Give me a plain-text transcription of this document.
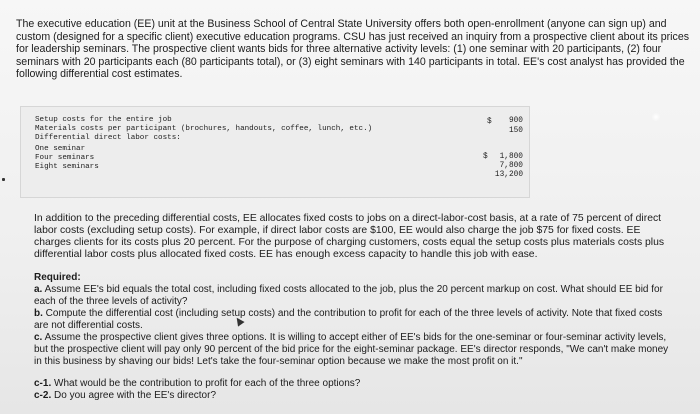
The executive education (EE) unit at the Business School of Central State University offers both open-enrollment (anyone can sign up) and custom (designed for a specific client) executive education programs. CSU has just received an inquiry from a prospective client about its prices for leadership seminars. The prospective client wants bids for three alternative activity levels: (1) one seminar with 20 participants, (2) four seminars with 20 participants each (80 participants total), or (3) eight seminars with 140 participants in total. EE's cost analyst has provided the following differential cost estimates.

Setup costs for the entire job
Materials costs per participant (brochures, handouts, coffee, lunch, etc.)
Differential direct labor costs:
One seminar
Four seminars
Eight seminars
$	900
150
$	1,800
7,800
13,200

In addition to the preceding differential costs, EE allocates fixed costs to jobs on a direct-labor-cost basis, at a rate of 75 percent of direct labor costs (excluding setup costs). For example, if direct labor costs are $100, EE would also charge the job $75 for fixed costs. EE charges clients for its costs plus 20 percent. For the purpose of charging customers, costs equal the setup costs plus materials costs plus differential labor costs plus allocated fixed costs. EE has enough excess capacity to handle this job with ease.

Required:
a. Assume EE's bid equals the total cost, including fixed costs allocated to the job, plus the 20 percent markup on cost. What should EE bid for each of the three levels of activity?
b. Compute the differential cost (including setup costs) and the contribution to profit for each of the three levels of activity. Note that fixed costs are not differential costs.
c. Assume the prospective client gives three options. It is willing to accept either of EE's bids for the one-seminar or four-seminar activity levels, but the prospective client will pay only 90 percent of the bid price for the eight-seminar package. EE's director responds, "We can't make money in this business by shaving our bids! Let's take the four-seminar option because we make the most profit on it."
c-1. What would be the contribution to profit for each of the three options?
c-2. Do you agree with the EE's director?
